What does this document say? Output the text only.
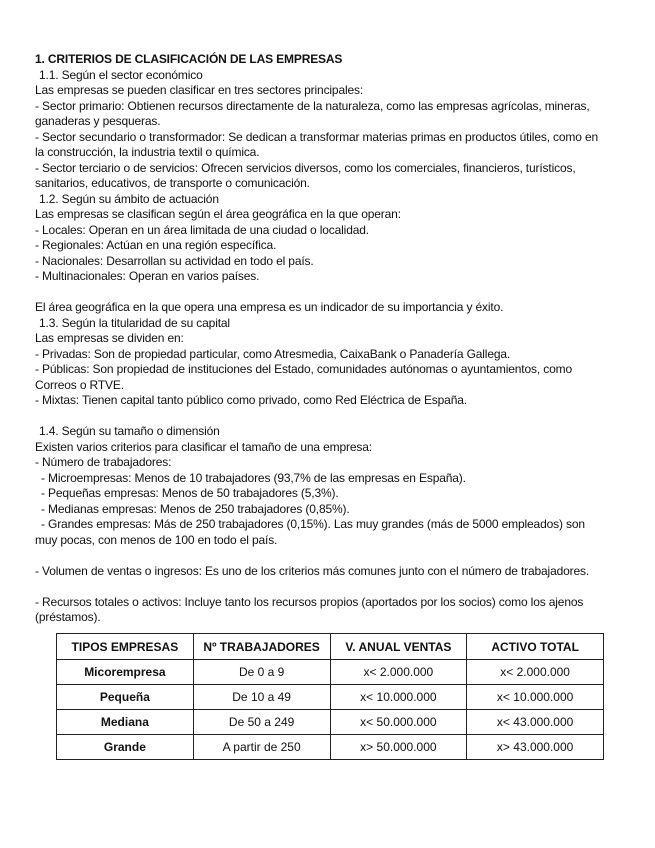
1. CRITERIOS DE CLASIFICACIÓN DE LAS EMPRESAS
1.1. Según el sector económico
Las empresas se pueden clasificar en tres sectores principales:
- Sector primario: Obtienen recursos directamente de la naturaleza, como las empresas agrícolas, mineras,
ganaderas y pesqueras.
- Sector secundario o transformador: Se dedican a transformar materias primas en productos útiles, como en
la construcción, la industria textil o química.
- Sector terciario o de servicios: Ofrecen servicios diversos, como los comerciales, financieros, turísticos,
sanitarios, educativos, de transporte o comunicación.
1.2. Según su ámbito de actuación
Las empresas se clasifican según el área geográfica en la que operan:
- Locales: Operan en un área limitada de una ciudad o localidad.
- Regionales: Actúan en una región específica.
- Nacionales: Desarrollan su actividad en todo el país.
- Multinacionales: Operan en varios países.
El área geográfica en la que opera una empresa es un indicador de su importancia y éxito.
1.3. Según la titularidad de su capital
Las empresas se dividen en:
- Privadas: Son de propiedad particular, como Atresmedia, CaixaBank o Panadería Gallega.
- Públicas: Son propiedad de instituciones del Estado, comunidades autónomas o ayuntamientos, como
Correos o RTVE.
- Mixtas: Tienen capital tanto público como privado, como Red Eléctrica de España.
1.4. Según su tamaño o dimensión
Existen varios criterios para clasificar el tamaño de una empresa:
- Número de trabajadores:
- Microempresas: Menos de 10 trabajadores (93,7% de las empresas en España).
- Pequeñas empresas: Menos de 50 trabajadores (5,3%).
- Medianas empresas: Menos de 250 trabajadores (0,85%).
- Grandes empresas: Más de 250 trabajadores (0,15%). Las muy grandes (más de 5000 empleados) son
muy pocas, con menos de 100 en todo el país.
- Volumen de ventas o ingresos: Es uno de los criterios más comunes junto con el número de trabajadores.
- Recursos totales o activos: Incluye tanto los recursos propios (aportados por los socios) como los ajenos
(préstamos).
TIPOS EMPRESAS	Nº TRABAJADORES	V. ANUAL VENTAS	ACTIVO TOTAL
Micorempresa	De 0 a 9	x< 2.000.000	x< 2.000.000
Pequeña	De 10 a 49	x< 10.000.000	x< 10.000.000
Mediana	De 50 a 249	x< 50.000.000	x< 43.000.000
Grande	A partir de 250	x> 50.000.000	x> 43.000.000
